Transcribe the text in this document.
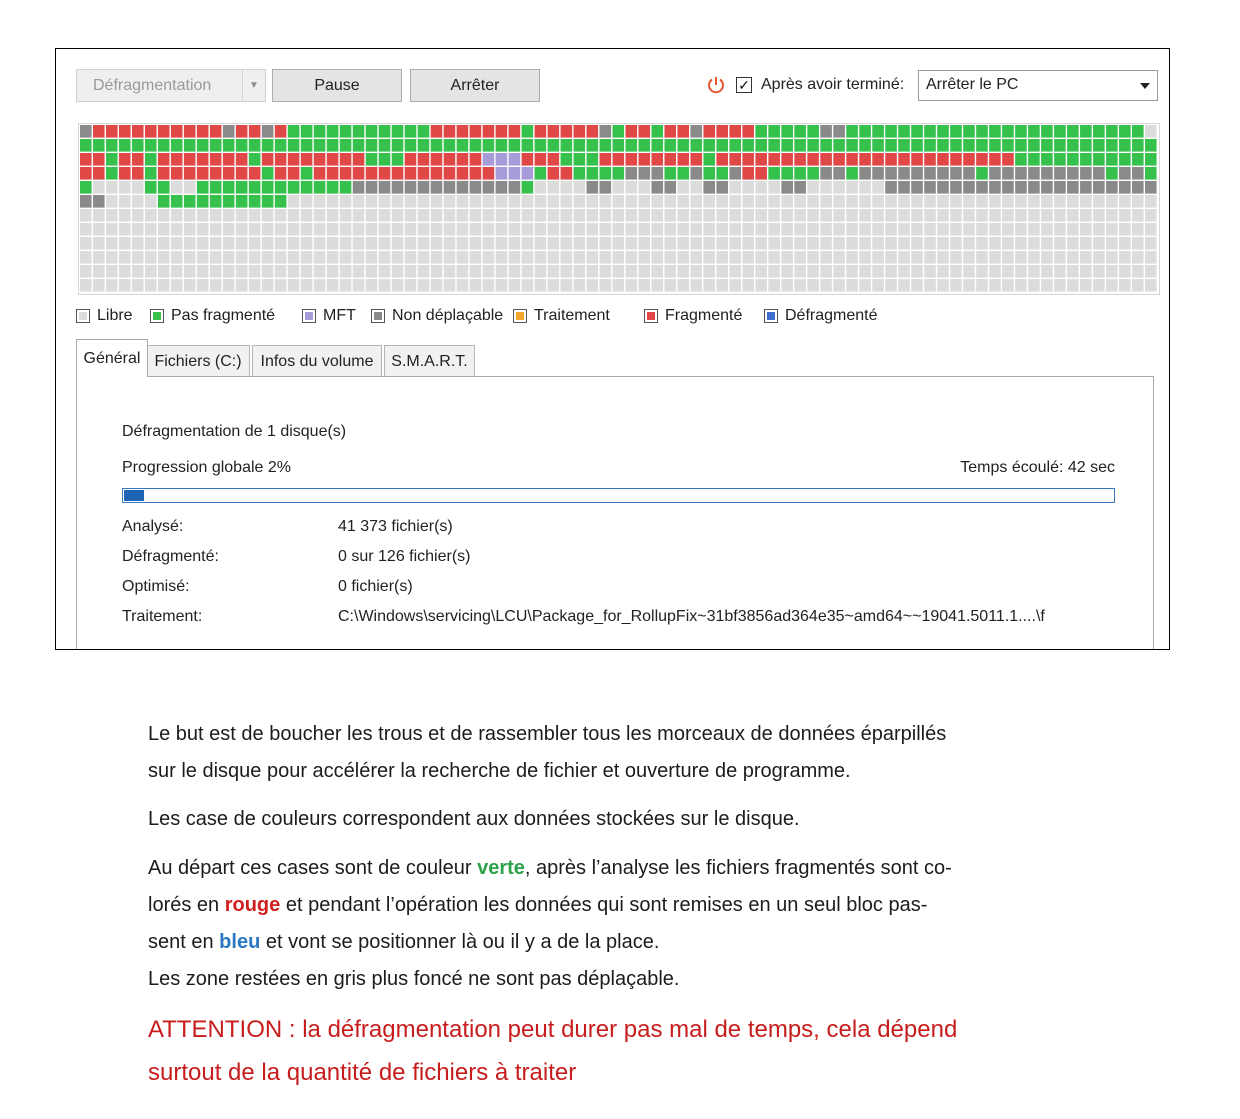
Défragmentation	▼	Pause	Arrêter	✓ Après avoir terminé: Arrêter le PC
Libre Pas fragmenté	MFT Non déplaçable Traitement	Fragmenté	Défragmenté
Général Fichiers (C:)	Infos du volume	S.M.A.R.T.
Défragmentation de 1 disque(s)
Progression globale 2%	Temps écoulé: 42 sec
Analysé:	41 373 fichier(s)
Défragmenté:	0 sur 126 fichier(s)
Optimisé:	0 fichier(s)
Traitement:	C:\Windows\servicing\LCU\Package_for_RollupFix~31bf3856ad364e35~amd64~~19041.5011.1....\f
Le but est de boucher les trous et de rassembler tous les morceaux de données éparpillés
sur le disque pour accélérer la recherche de fichier et ouverture de programme.
Les case de couleurs correspondent aux données stockées sur le disque.
Au départ ces cases sont de couleur verte, après l’analyse les fichiers fragmentés sont co-
lorés en rouge et pendant l’opération les données qui sont remises en un seul bloc pas-
sent en bleu et vont se positionner là ou il y a de la place.
Les zone restées en gris plus foncé ne sont pas déplaçable.
ATTENTION : la défragmentation peut durer pas mal de temps, cela dépend
surtout de la quantité de fichiers à traiter
